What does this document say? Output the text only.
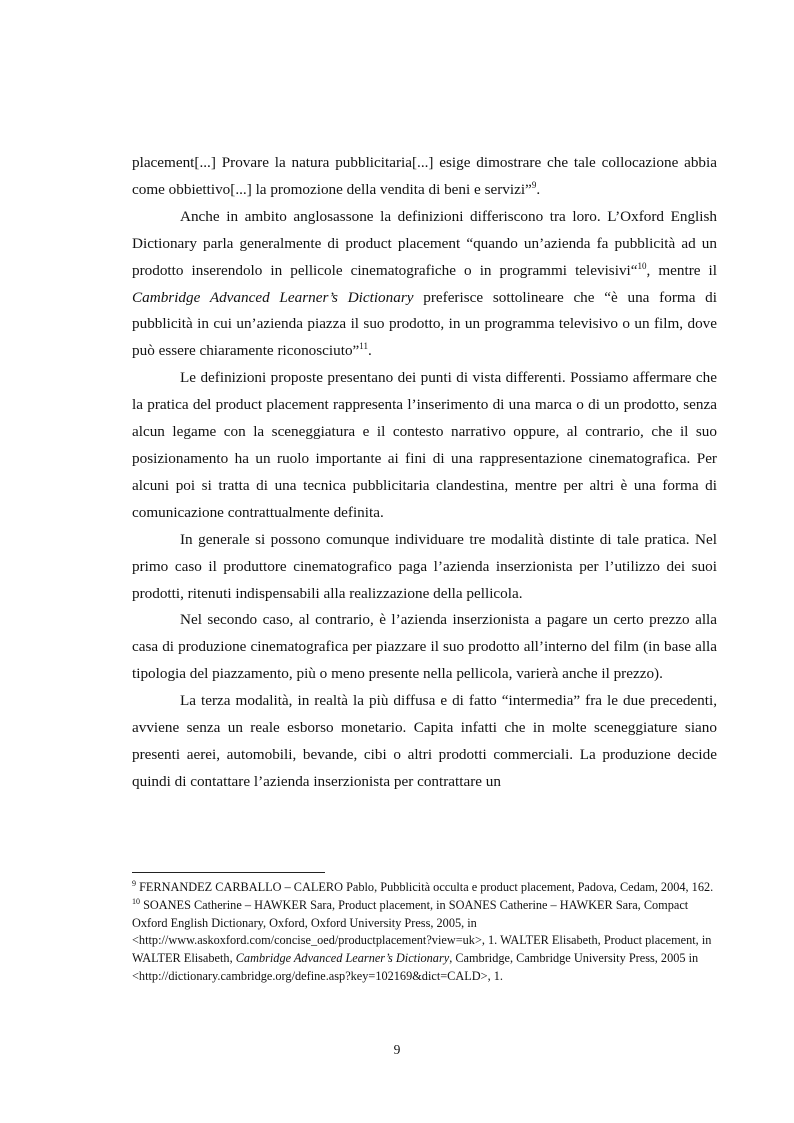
placement[...] Provare la natura pubblicitaria[...] esige dimostrare che tale collocazione abbia come obbiettivo[...] la promozione della vendita di beni e servizi”$^9$.

Anche in ambito anglosassone la definizioni differiscono tra loro. L’Oxford English Dictionary parla generalmente di product placement “quando un’azienda fa pubblicità ad un prodotto inserendolo in pellicole cinematografiche o in programmi televisivi“$^{10}$, mentre il Cambridge Advanced Learner’s Dictionary preferisce sottolineare che “è una forma di pubblicità in cui un’azienda piazza il suo prodotto, in un programma televisivo o un film, dove può essere chiaramente riconosciuto”$^{11}$.

Le definizioni proposte presentano dei punti di vista differenti. Possiamo affermare che la pratica del product placement rappresenta l’inserimento di una marca o di un prodotto, senza alcun legame con la sceneggiatura e il contesto narrativo oppure, al contrario, che il suo posizionamento ha un ruolo importante ai fini di una rappresentazione cinematografica. Per alcuni poi si tratta di una tecnica pubblicitaria clandestina, mentre per altri è una forma di comunicazione contrattualmente definita.

In generale si possono comunque individuare tre modalità distinte di tale pratica. Nel primo caso il produttore cinematografico paga l’azienda inserzionista per l’utilizzo dei suoi prodotti, ritenuti indispensabili alla realizzazione della pellicola.

Nel secondo caso, al contrario, è l’azienda inserzionista a pagare un certo prezzo alla casa di produzione cinematografica per piazzare il suo prodotto all’interno del film (in base alla tipologia del piazzamento, più o meno presente nella pellicola, varierà anche il prezzo).

La terza modalità, in realtà la più diffusa e di fatto “intermedia” fra le due precedenti, avviene senza un reale esborso monetario. Capita infatti che in molte sceneggiature siano presenti aerei, automobili, bevande, cibi o altri prodotti commerciali. La produzione decide quindi di contattare l’azienda inserzionista per contrattare un

$^9$ FERNANDEZ CARBALLO – CALERO Pablo, Pubblicità occulta e product placement, Padova, Cedam, 2004, 162.

$^{10}$ SOANES Catherine – HAWKER Sara, Product placement, in SOANES Catherine – HAWKER Sara, Compact Oxford English Dictionary, Oxford, Oxford University Press, 2005, in <http://www.askoxford.com/concise_oed/productplacement?view=uk>, 1. WALTER Elisabeth, Product placement, in WALTER Elisabeth, Cambridge Advanced Learner’s Dictionary, Cambridge, Cambridge University Press, 2005 in <http://dictionary.cambridge.org/define.asp?key=102169&dict=CALD>, 1.

9
